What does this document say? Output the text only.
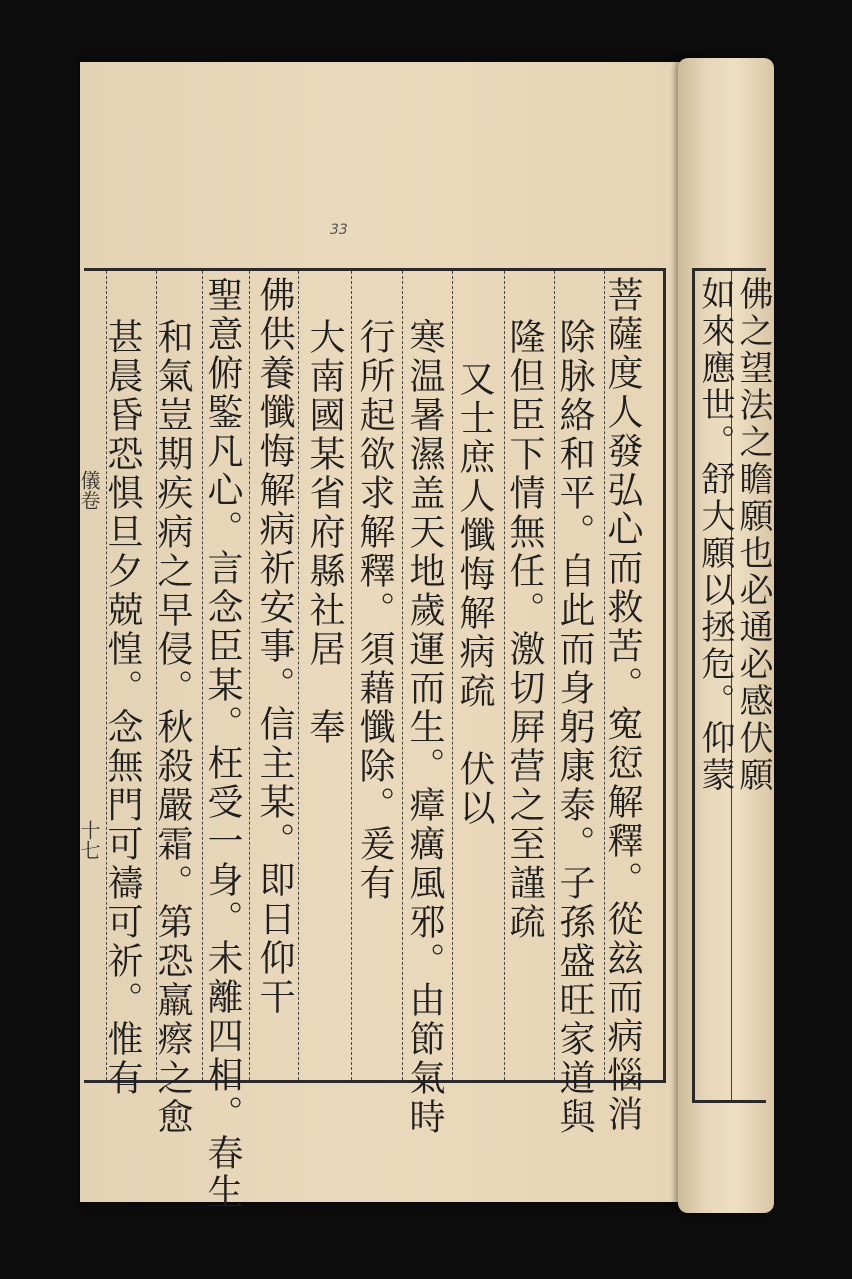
33
菩薩度人發弘心而救苦。寃愆解釋。從玆而病惱消
除脉絡和平。自此而身躬康泰。子孫盛旺家道與
隆但臣下情無任。激切屛营之至謹疏
又士庶人懺悔解病疏　伏以
寒温暑濕盖天地歲運而生。瘴癘風邪。由節氣時
行所起欲求解釋。須藉懺除。爰有
大南國某省府縣社居　奉
佛供養懺悔解病祈安事。信主某。即日仰干
聖意俯鍳凡心。言念臣某。枉受一身。未離四相。春生
和氣豈期疾病之早侵。秋殺嚴霜。第恐羸瘵之愈
甚晨昏恐惧旦夕兢惶。念無門可禱可祈。惟有
儀卷
十七
佛之望法之瞻願也必通必感伏願
如來應世。舒大願以拯危。仰蒙
